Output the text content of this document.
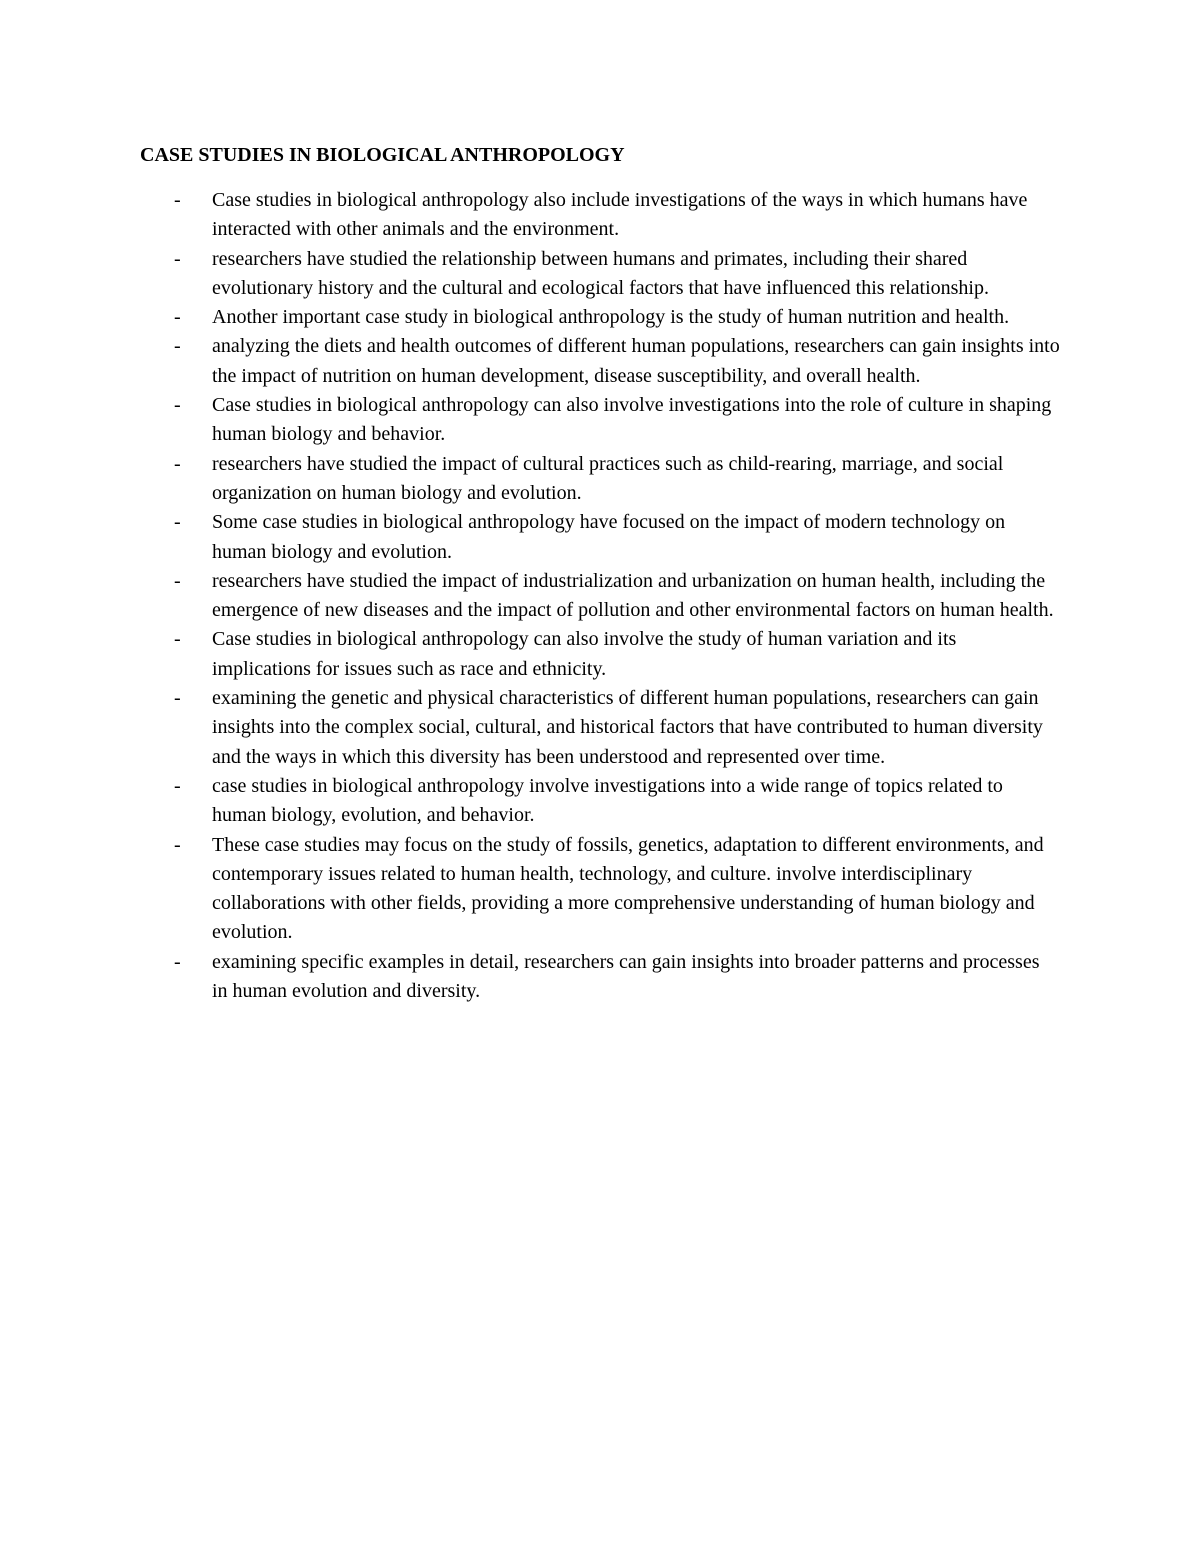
CASE STUDIES IN BIOLOGICAL ANTHROPOLOGY
-	Case studies in biological anthropology also include investigations of the ways in which humans have interacted with other animals and the environment.
-	researchers have studied the relationship between humans and primates, including their shared evolutionary history and the cultural and ecological factors that have influenced this relationship.
-	Another important case study in biological anthropology is the study of human nutrition and health.
-	analyzing the diets and health outcomes of different human populations, researchers can gain insights into the impact of nutrition on human development, disease susceptibility, and overall health.
-	Case studies in biological anthropology can also involve investigations into the role of culture in shaping human biology and behavior.
-	researchers have studied the impact of cultural practices such as child-rearing, marriage, and social organization on human biology and evolution.
-	Some case studies in biological anthropology have focused on the impact of modern technology on human biology and evolution.
-	researchers have studied the impact of industrialization and urbanization on human health, including the emergence of new diseases and the impact of pollution and other environmental factors on human health.
-	Case studies in biological anthropology can also involve the study of human variation and its implications for issues such as race and ethnicity.
-	examining the genetic and physical characteristics of different human populations, researchers can gain insights into the complex social, cultural, and historical factors that have contributed to human diversity and the ways in which this diversity has been understood and represented over time.
-	case studies in biological anthropology involve investigations into a wide range of topics related to human biology, evolution, and behavior.
-	These case studies may focus on the study of fossils, genetics, adaptation to different environments, and contemporary issues related to human health, technology, and culture. involve interdisciplinary collaborations with other fields, providing a more comprehensive understanding of human biology and evolution.
-	examining specific examples in detail, researchers can gain insights into broader patterns and processes in human evolution and diversity.
